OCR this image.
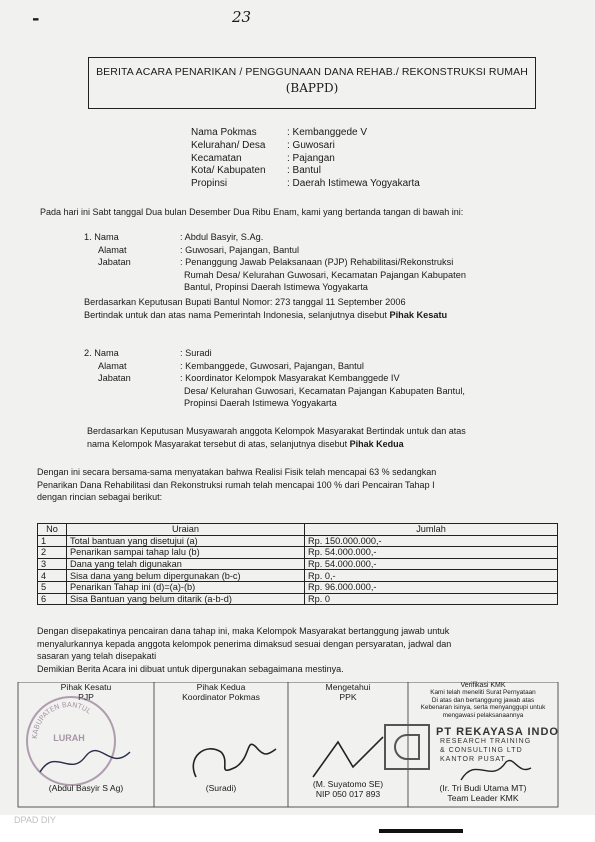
-	23
BERITA ACARA PENARIKAN / PENGGUNAAN DANA REHAB./ REKONSTRUKSI RUMAH
(BAPPD)
Nama Pokmas	: Kembanggede V
Kelurahan/ Desa	: Guwosari
Kecamatan	: Pajangan
Kota/ Kabupaten	: Bantul
Propinsi	: Daerah Istimewa Yogyakarta
Pada hari ini Sabt tanggal Dua bulan Desember Dua Ribu Enam, kami yang bertanda tangan di bawah ini:
1. Nama	: Abdul Basyir, S.Ag.
Alamat	: Guwosari, Pajangan, Bantul
Jabatan	: Penanggung Jawab Pelaksanaan (PJP) Rehabilitasi/Rekonstruksi
Rumah Desa/ Kelurahan Guwosari, Kecamatan Pajangan Kabupaten
Bantul, Propinsi Daerah Istimewa Yogyakarta
Berdasarkan Keputusan Bupati Bantul Nomor: 273 tanggal 11 September 2006
Bertindak untuk dan atas nama Pemerintah Indonesia, selanjutnya disebut Pihak Kesatu
2. Nama	: Suradi
Alamat	: Kembanggede, Guwosari, Pajangan, Bantul
Jabatan	: Koordinator Kelompok Masyarakat Kembanggede IV
Desa/ Kelurahan Guwosari, Kecamatan Pajangan Kabupaten Bantul,
Propinsi Daerah Istimewa Yogyakarta
Berdasarkan Keputusan Musyawarah anggota Kelompok Masyarakat Bertindak untuk dan atas
nama Kelompok Masyarakat tersebut di atas, selanjutnya disebut Pihak Kedua
Dengan ini secara bersama-sama menyatakan bahwa Realisi Fisik telah mencapai 63 % sedangkan
Penarikan Dana Rehabilitasi dan Rekonstruksi rumah telah mencapai 100 % dari Pencairan Tahap I
dengan rincian sebagai berikut:
No	Uraian	Jumlah
1	Total bantuan yang disetujui (a)	Rp. 150.000.000,-
2	Penarikan sampai tahap lalu (b)	Rp. 54.000.000,-
3	Dana yang telah digunakan	Rp. 54.000.000,-
4	Sisa dana yang belum dipergunakan (b-c)	Rp. 0,-
5	Penarikan Tahap ini (d)=(a)-(b)	Rp. 96.000.000,-
6	Sisa Bantuan yang belum ditarik (a-b-d)	Rp. 0
Dengan disepakatinya pencairan dana tahap ini, maka Kelompok Masyarakat bertanggung jawab untuk
menyalurkannya kepada anggota kelompok penerima dimaksud sesuai dengan persyaratan, jadwal dan
sasaran yang telah disepakati
Demikian Berita Acara ini dibuat untuk dipergunakan sebagaimana mestinya.
Pihak Kesatu
PJP
(Abdul Basyir S Ag)
KABUPATEN BANTUL
LURAH
Pihak Kedua
Koordinator Pokmas
(Suradi)
Mengetahui
PPK
(M. Suyatomo SE)
NIP 050 017 893
Verifikasi KMK
Kami telah meneliti Surat Pernyataan
Di atas dan bertanggung jawab atas
Kebenaran isinya, serta menyanggupi untuk
mengawasi pelaksanaannya
(Ir. Tri Budi Utama MT)
Team Leader KMK
PT REKAYASA INDO
RESEARCH TRAINING
& CONSULTING LTD
KANTOR PUSAT
DPAD DIY
